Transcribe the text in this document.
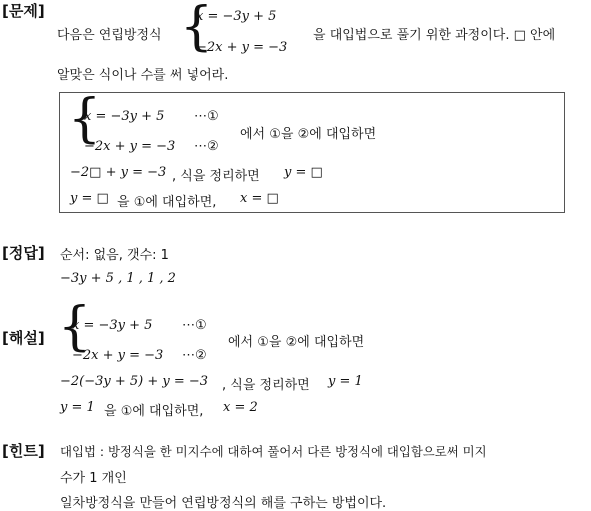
[문제]
다음은 연립방정식 {
x = −3y + 5
−2x + y = −3
을 대입법으로 풀기 위한 과정이다. □ 안에
알맞은 식이나 수를 써 넣어라.
{
x = −3y + 5 ⋯①
−2x + y = −3 ⋯②
에서 ①을 ②에 대입하면
−2□ + y = −3 , 식을 정리하면 y = □
y = □ 을 ①에 대입하면, x = □
[정답] 순서: 없음, 갯수: 1
−3y + 5 , 1 , 1 , 2
[해설] {
x = −3y + 5 ⋯①
−2x + y = −3 ⋯②
에서 ①을 ②에 대입하면
−2(−3y + 5) + y = −3 , 식을 정리하면 y = 1
y = 1 을 ①에 대입하면, x = 2
[힌트] 대입법 : 방정식을 한 미지수에 대하여 풀어서 다른 방정식에 대입함으로써 미지
수가 1 개인
일차방정식을 만들어 연립방정식의 해를 구하는 방법이다.
